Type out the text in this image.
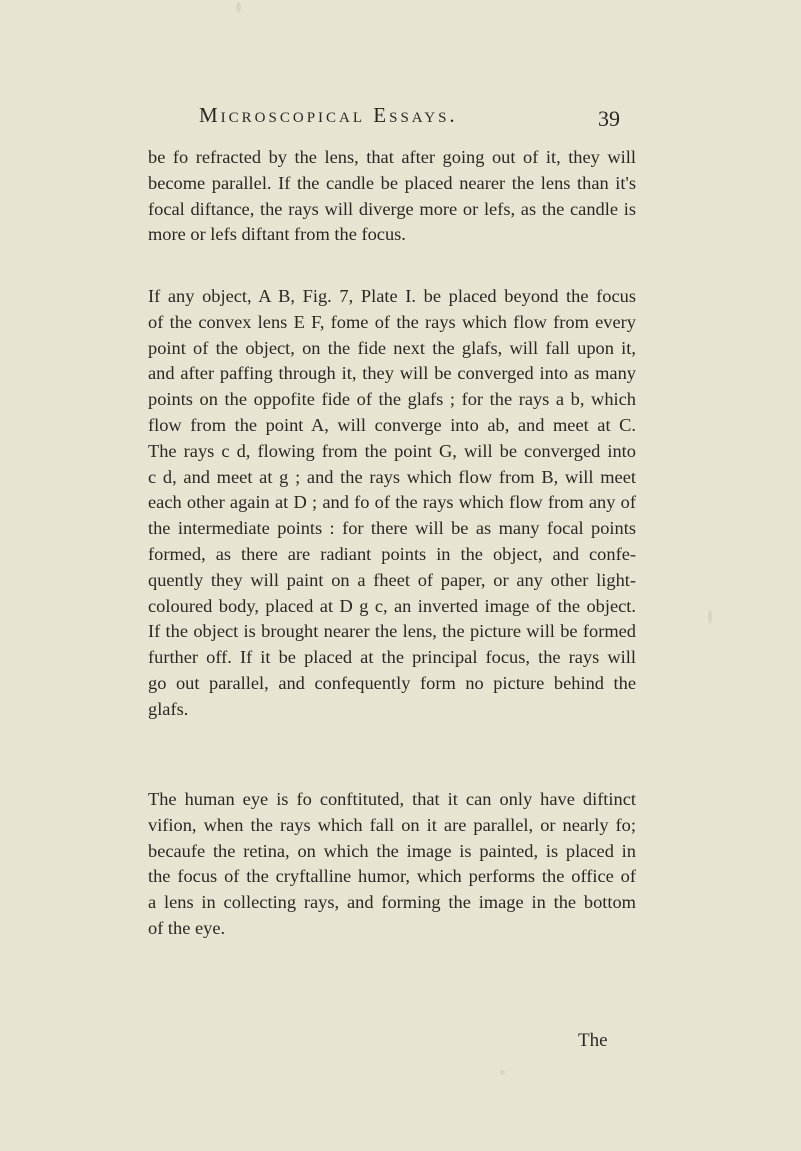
Microscopical Essays.	39

be fo refracted by the lens, that after going out of it, they will
become parallel. If the candle be placed nearer the lens than it's
focal diftance, the rays will diverge more or lefs, as the candle is
more or lefs diftant from the focus.

If any object, A B, Fig. 7, Plate I. be placed beyond the focus
of the convex lens E F, fome of the rays which flow from every
point of the object, on the fide next the glafs, will fall upon it,
and after paffing through it, they will be converged into as many
points on the oppofite fide of the glafs ; for the rays a b, which
flow from the point A, will converge into ab, and meet at C.
The rays c d, flowing from the point G, will be converged into
c d, and meet at g ; and the rays which flow from B, will meet
each other again at D ; and fo of the rays which flow from any of
the intermediate points : for there will be as many focal points
formed, as there are radiant points in the object, and confe-
quently they will paint on a fheet of paper, or any other light-
coloured body, placed at D g c, an inverted image of the object.
If the object is brought nearer the lens, the picture will be formed
further off. If it be placed at the principal focus, the rays will
go out parallel, and confequently form no picture behind the
glafs.

The human eye is fo conftituted, that it can only have diftinct
vifion, when the rays which fall on it are parallel, or nearly fo;
becaufe the retina, on which the image is painted, is placed in
the focus of the cryftalline humor, which performs the office of
a lens in collecting rays, and forming the image in the bottom
of the eye.

The
